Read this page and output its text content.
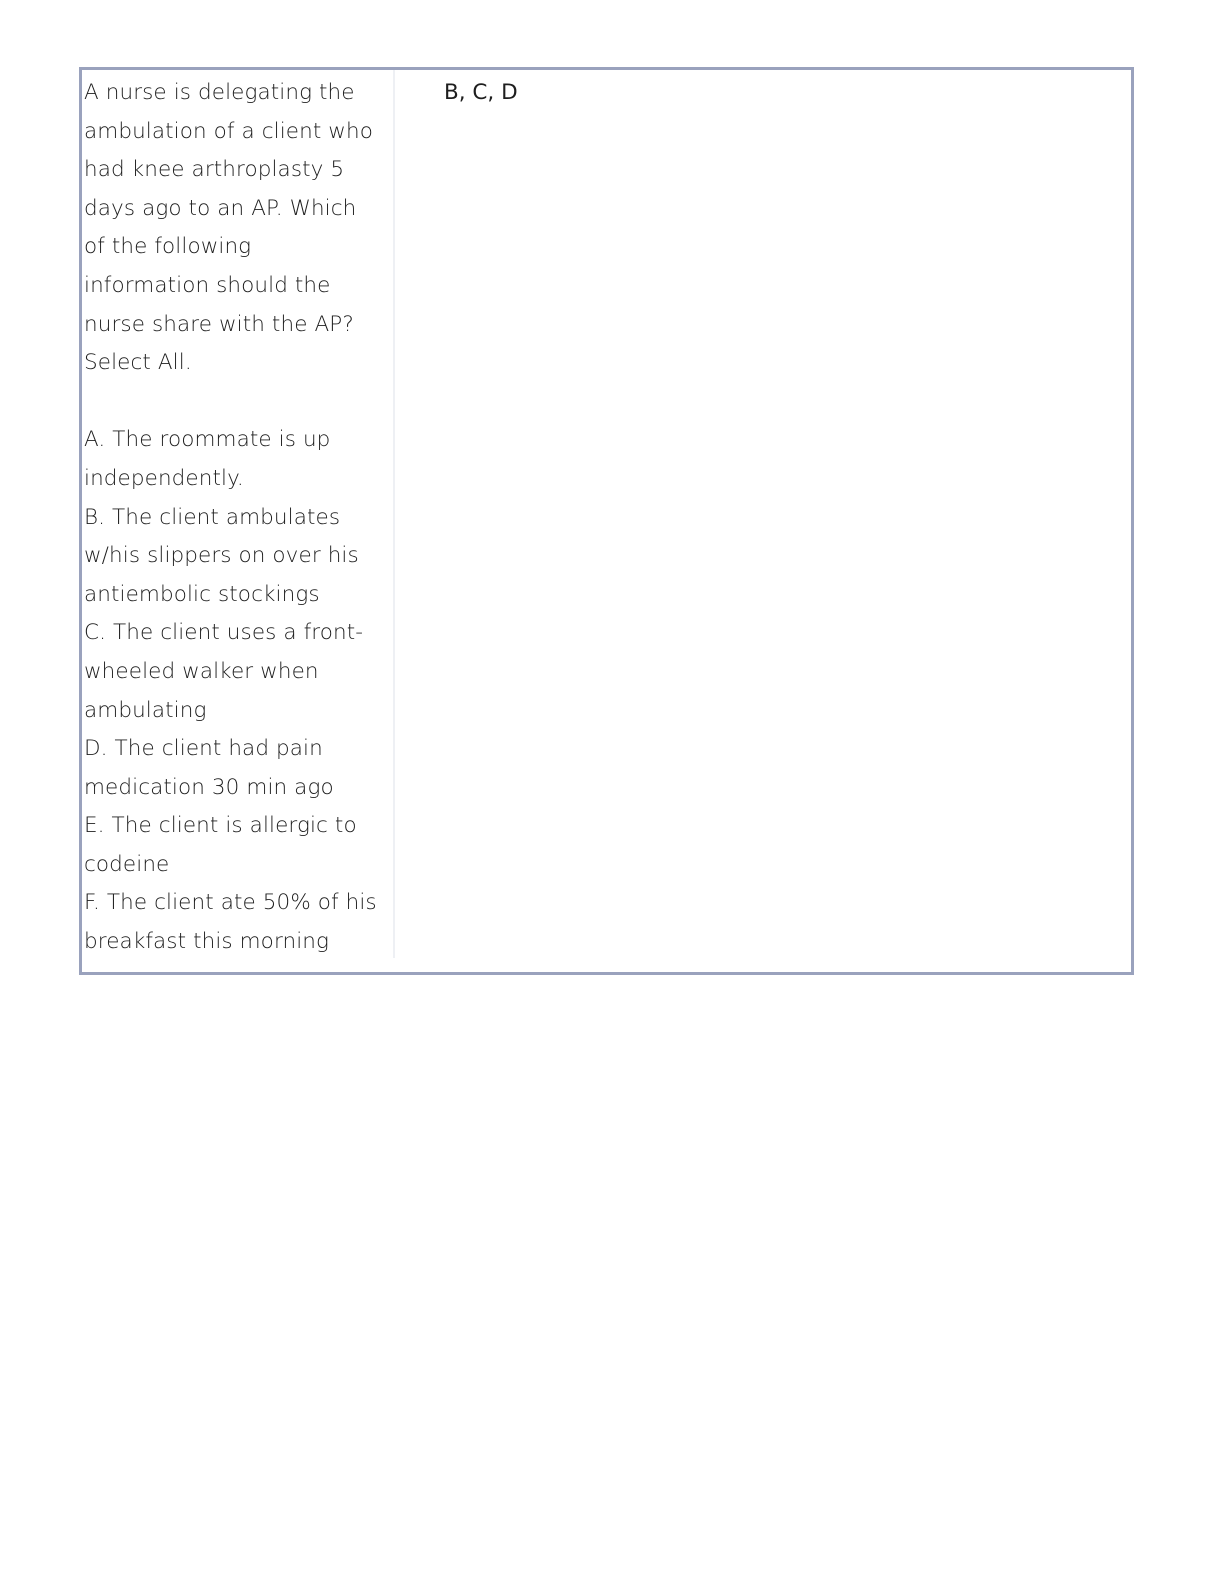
A nurse is delegating the
ambulation of a client who
had knee arthroplasty 5
days ago to an AP. Which
of the following
information should the
nurse share with the AP?
Select All.
A. The roommate is up
independently.
B. The client ambulates
w/his slippers on over his
antiembolic stockings
C. The client uses a front-
wheeled walker when
ambulating
D. The client had pain
medication 30 min ago
E. The client is allergic to
codeine
F. The client ate 50% of his
breakfast this morning
B, C, D
